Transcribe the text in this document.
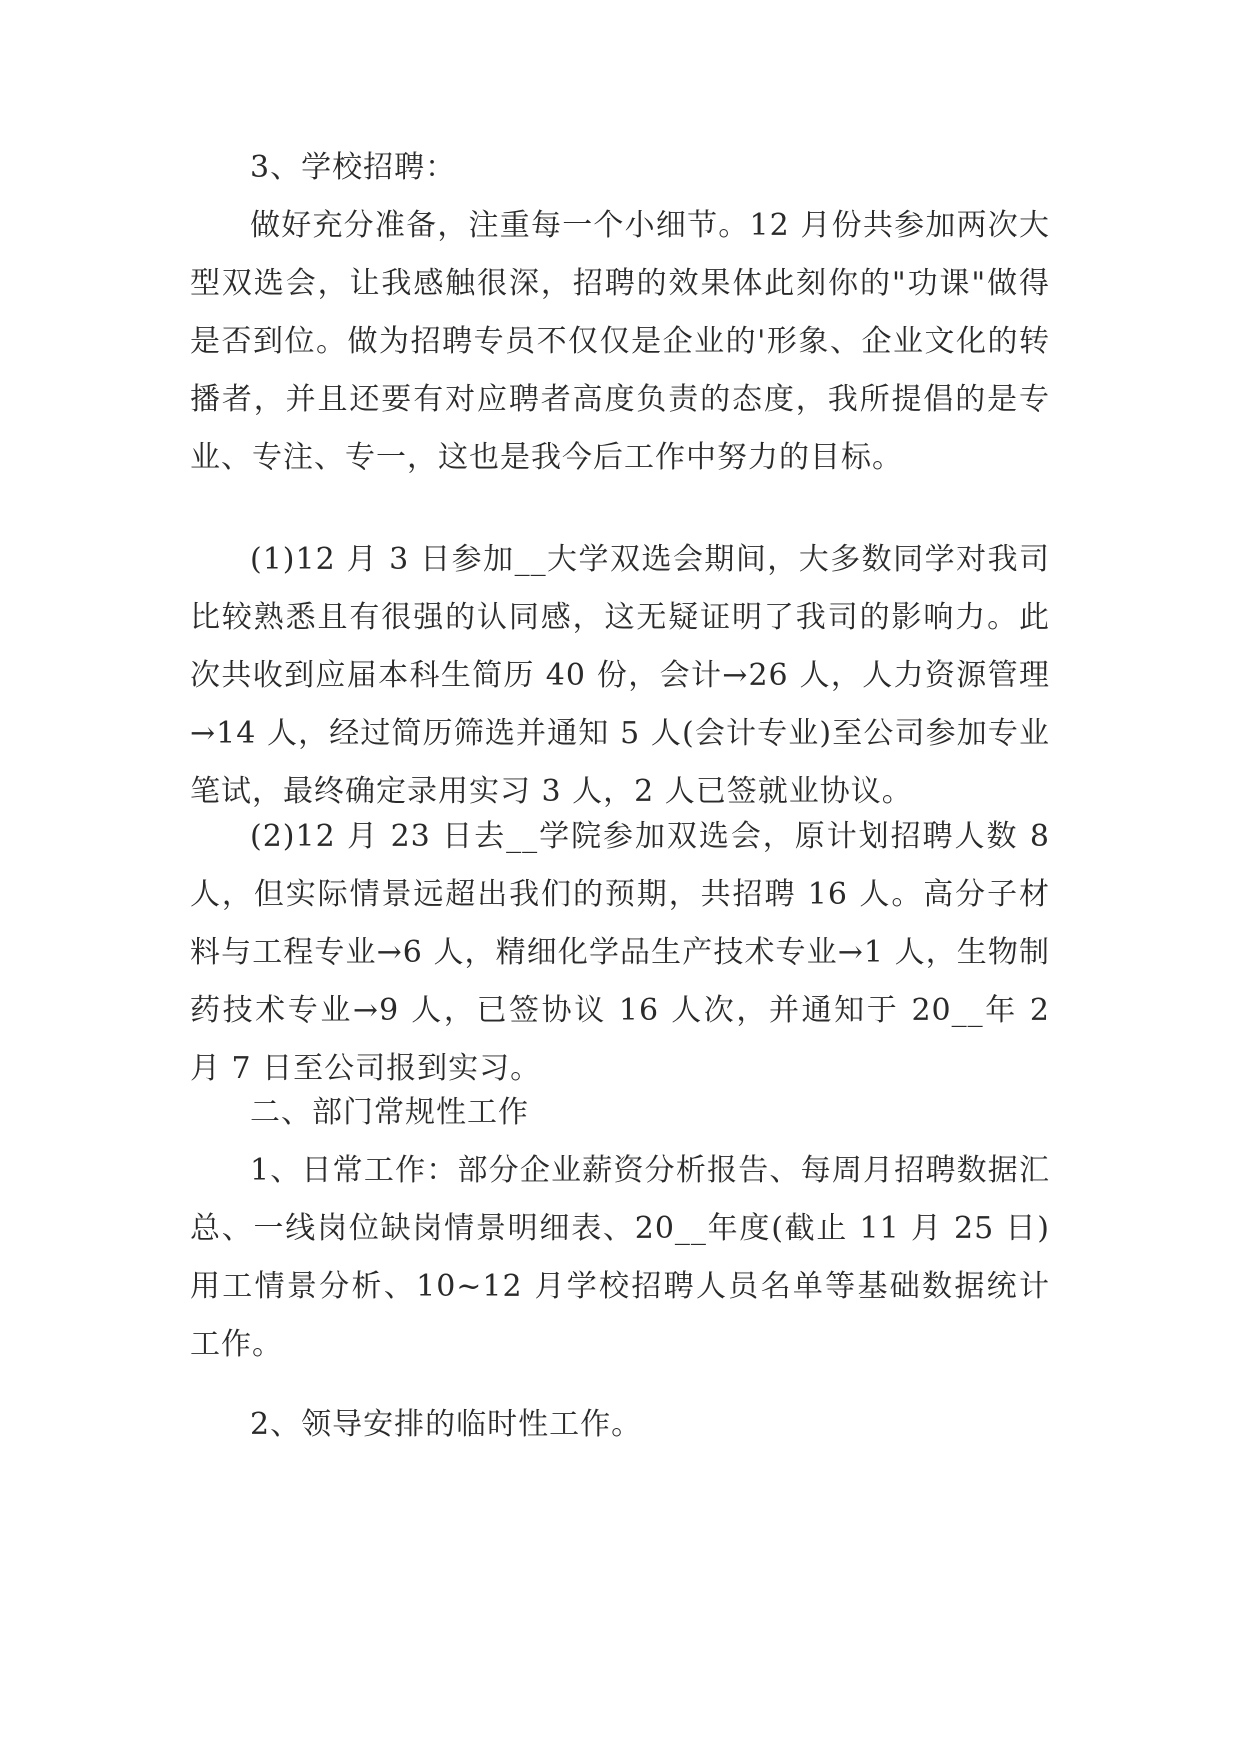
3、学校招聘：

做好充分准备，注重每一个小细节。12 月份共参加两次大型双选会，让我感触很深，招聘的效果体此刻你的"功课"做得是否到位。做为招聘专员不仅仅是企业的'形象、企业文化的转播者，并且还要有对应聘者高度负责的态度，我所提倡的是专业、专注、专一，这也是我今后工作中努力的目标。

(1)12 月 3 日参加__大学双选会期间，大多数同学对我司比较熟悉且有很强的认同感，这无疑证明了我司的影响力。此次共收到应届本科生简历 40 份，会计→26 人，人力资源管理→14 人，经过简历筛选并通知 5 人(会计专业)至公司参加专业笔试，最终确定录用实习 3 人，2 人已签就业协议。

(2)12 月 23 日去__学院参加双选会，原计划招聘人数 8 人，但实际情景远超出我们的预期，共招聘 16 人。高分子材料与工程专业→6 人，精细化学品生产技术专业→1 人，生物制药技术专业→9 人，已签协议 16 人次，并通知于 20__年 2 月 7 日至公司报到实习。

二、部门常规性工作

1、日常工作：部分企业薪资分析报告、每周月招聘数据汇总、一线岗位缺岗情景明细表、20__年度(截止 11 月 25 日)用工情景分析、10~12 月学校招聘人员名单等基础数据统计工作。

2、领导安排的临时性工作。
